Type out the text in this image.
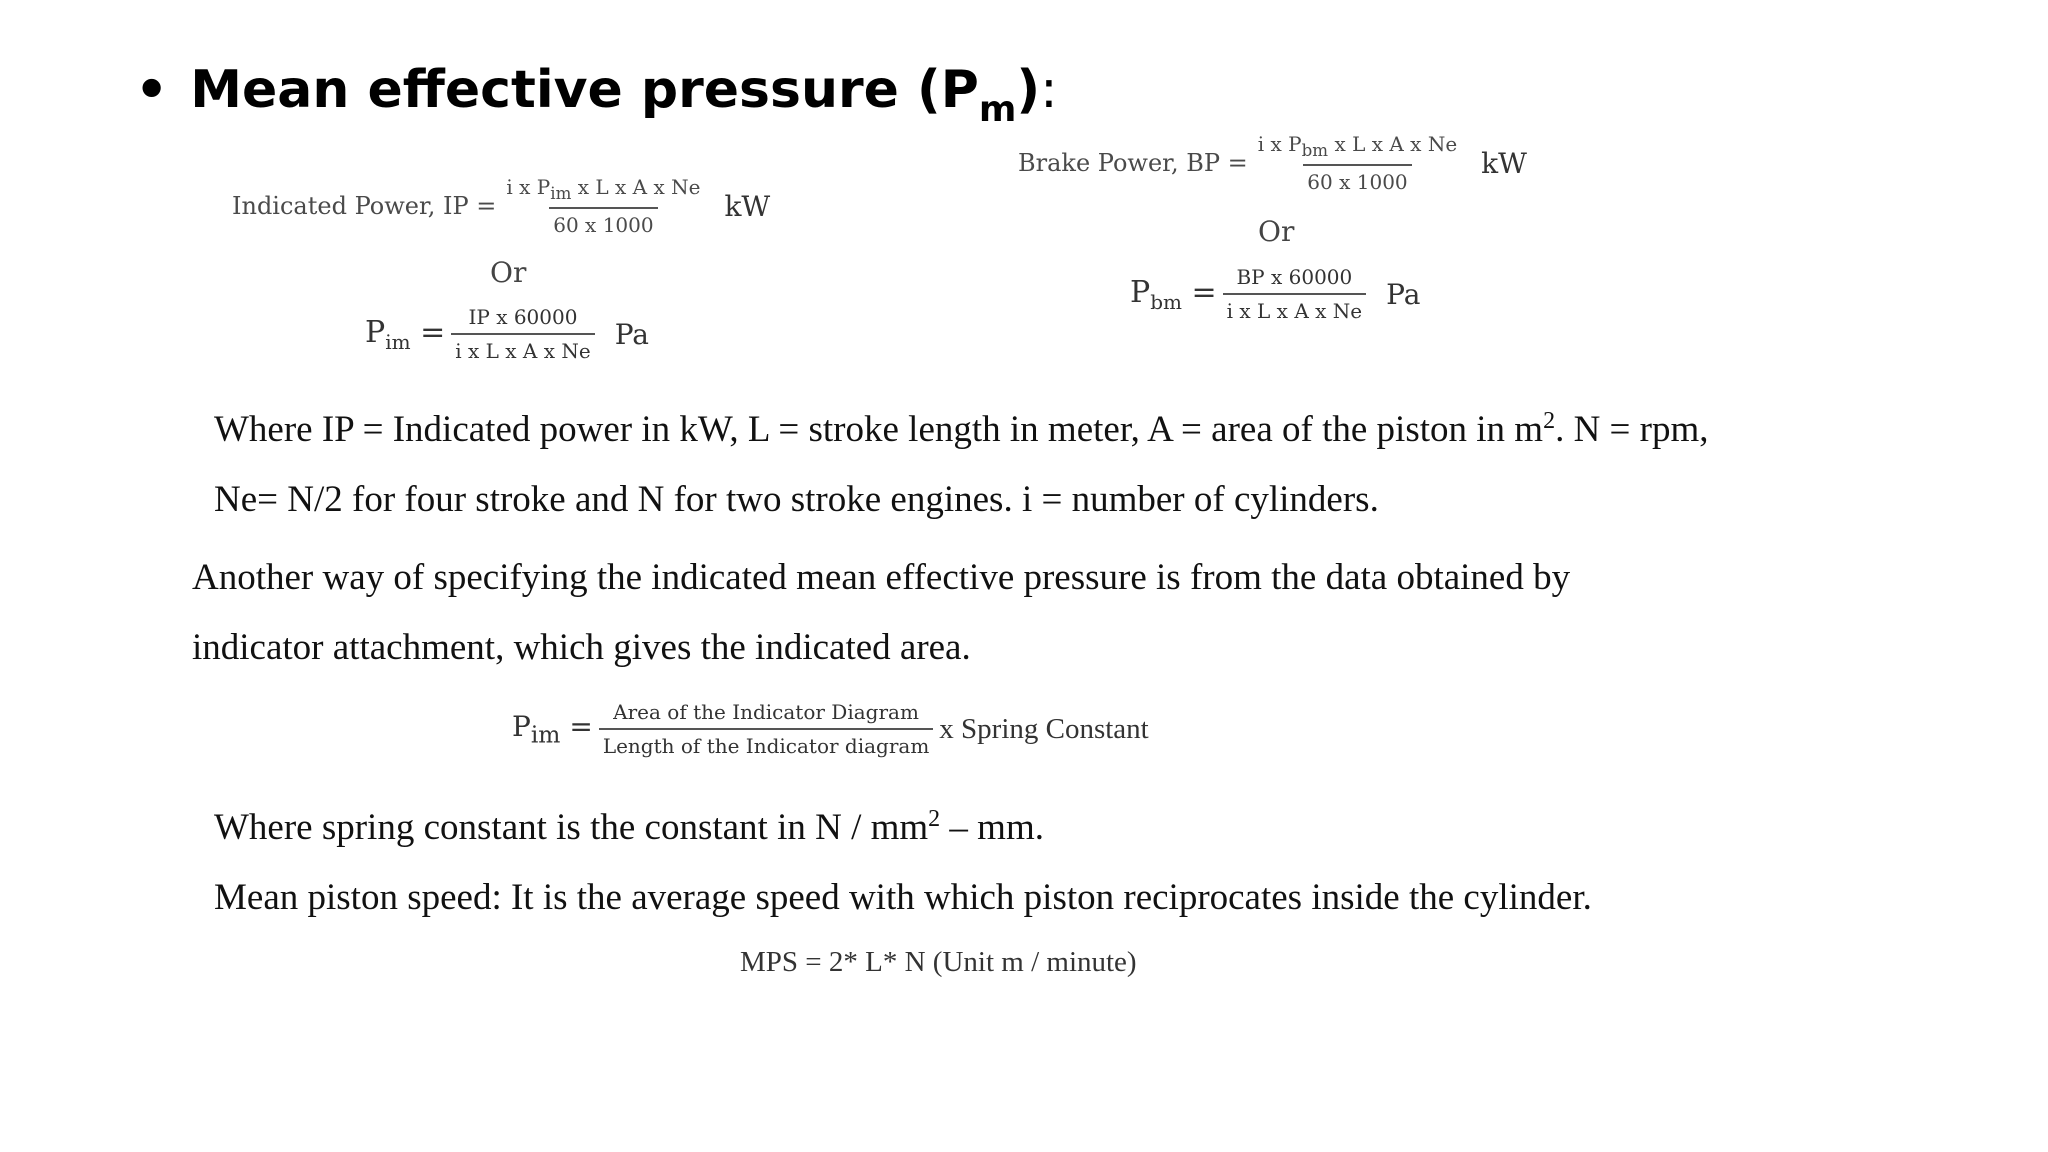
• Mean effective pressure $(P_m)$:
Indicated Power, IP = $\frac{i x P_{im} x L x A x Ne}{60 x 1000}$ kW
Or
$P_{im} = \frac{\text{IP x 60000}}{\text{i x L x A x Ne}}$ Pa
Brake Power, BP = $\frac{i x P_{bm} x L x A x Ne}{60 x 1000}$ kW
Or
$P_{bm} = \frac{\text{BP x 60000}}{\text{i x L x A x Ne}}$ Pa
Where IP = Indicated power in kW, L = stroke length in meter, A = area of the piston in $m^2$. N = rpm,
Ne= N/2 for four stroke and N for two stroke engines. i = number of cylinders.
Another way of specifying the indicated mean effective pressure is from the data obtained by
indicator attachment, which gives the indicated area.
$P_{im} = \frac{\text{Area of the Indicator Diagram}}{\text{Length of the Indicator diagram}}$ x Spring Constant
Where spring constant is the constant in N / $mm^2$ – mm.
Mean piston speed: It is the average speed with which piston reciprocates inside the cylinder.
MPS = 2* L* N (Unit m / minute)
